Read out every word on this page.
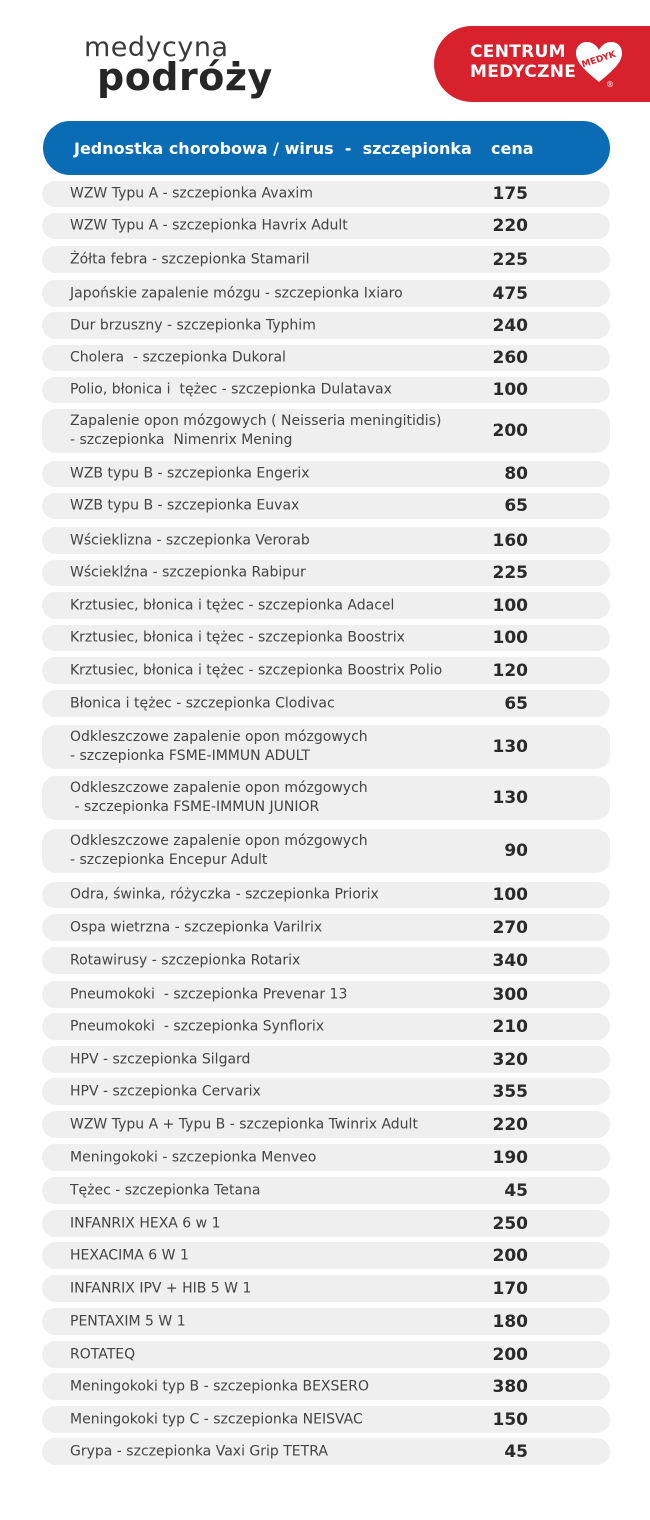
medycyna
podróży
CENTRUM
MEDYCZNE
MEDYK
®
Jednostka chorobowa / wirus  -  szczepionka cena
WZW Typu A - szczepionka Avaxim	175
WZW Typu A - szczepionka Havrix Adult	220
Żółta febra - szczepionka Stamaril	225
Japońskie zapalenie mózgu - szczepionka Ixiaro	475
Dur brzuszny - szczepionka Typhim	240
Cholera  - szczepionka Dukoral	260
Polio, błonica i  tężec - szczepionka Dulatavax	100
Zapalenie opon mózgowych ( Neisseria meningitidis)
- szczepionka  Nimenrix Mening	200
WZB typu B - szczepionka Engerix	80
WZB typu B - szczepionka Euvax	65
Wścieklizna - szczepionka Verorab	160
Wścieklźna - szczepionka Rabipur	225
Krztusiec, błonica i tężec - szczepionka Adacel	100
Krztusiec, błonica i tężec - szczepionka Boostrix	100
Krztusiec, błonica i tężec - szczepionka Boostrix Polio	120
Błonica i tężec - szczepionka Clodivac	65
Odkleszczowe zapalenie opon mózgowych
- szczepionka FSME-IMMUN ADULT	130
Odkleszczowe zapalenie opon mózgowych
- szczepionka FSME-IMMUN JUNIOR	130
Odkleszczowe zapalenie opon mózgowych
- szczepionka Encepur Adult	90
Odra, świnka, różyczka - szczepionka Priorix	100
Ospa wietrzna - szczepionka Varilrix	270
Rotawirusy - szczepionka Rotarix	340
Pneumokoki  - szczepionka Prevenar 13	300
Pneumokoki  - szczepionka Synflorix	210
HPV - szczepionka Silgard	320
HPV - szczepionka Cervarix	355
WZW Typu A + Typu B - szczepionka Twinrix Adult	220
Meningokoki - szczepionka Menveo	190
Tężec - szczepionka Tetana	45
INFANRIX HEXA 6 w 1	250
HEXACIMA 6 W 1	200
INFANRIX IPV + HIB 5 W 1	170
PENTAXIM 5 W 1	180
ROTATEQ	200
Meningokoki typ B - szczepionka BEXSERO	380
Meningokoki typ C - szczepionka NEISVAC	150
Grypa - szczepionka Vaxi Grip TETRA	45
